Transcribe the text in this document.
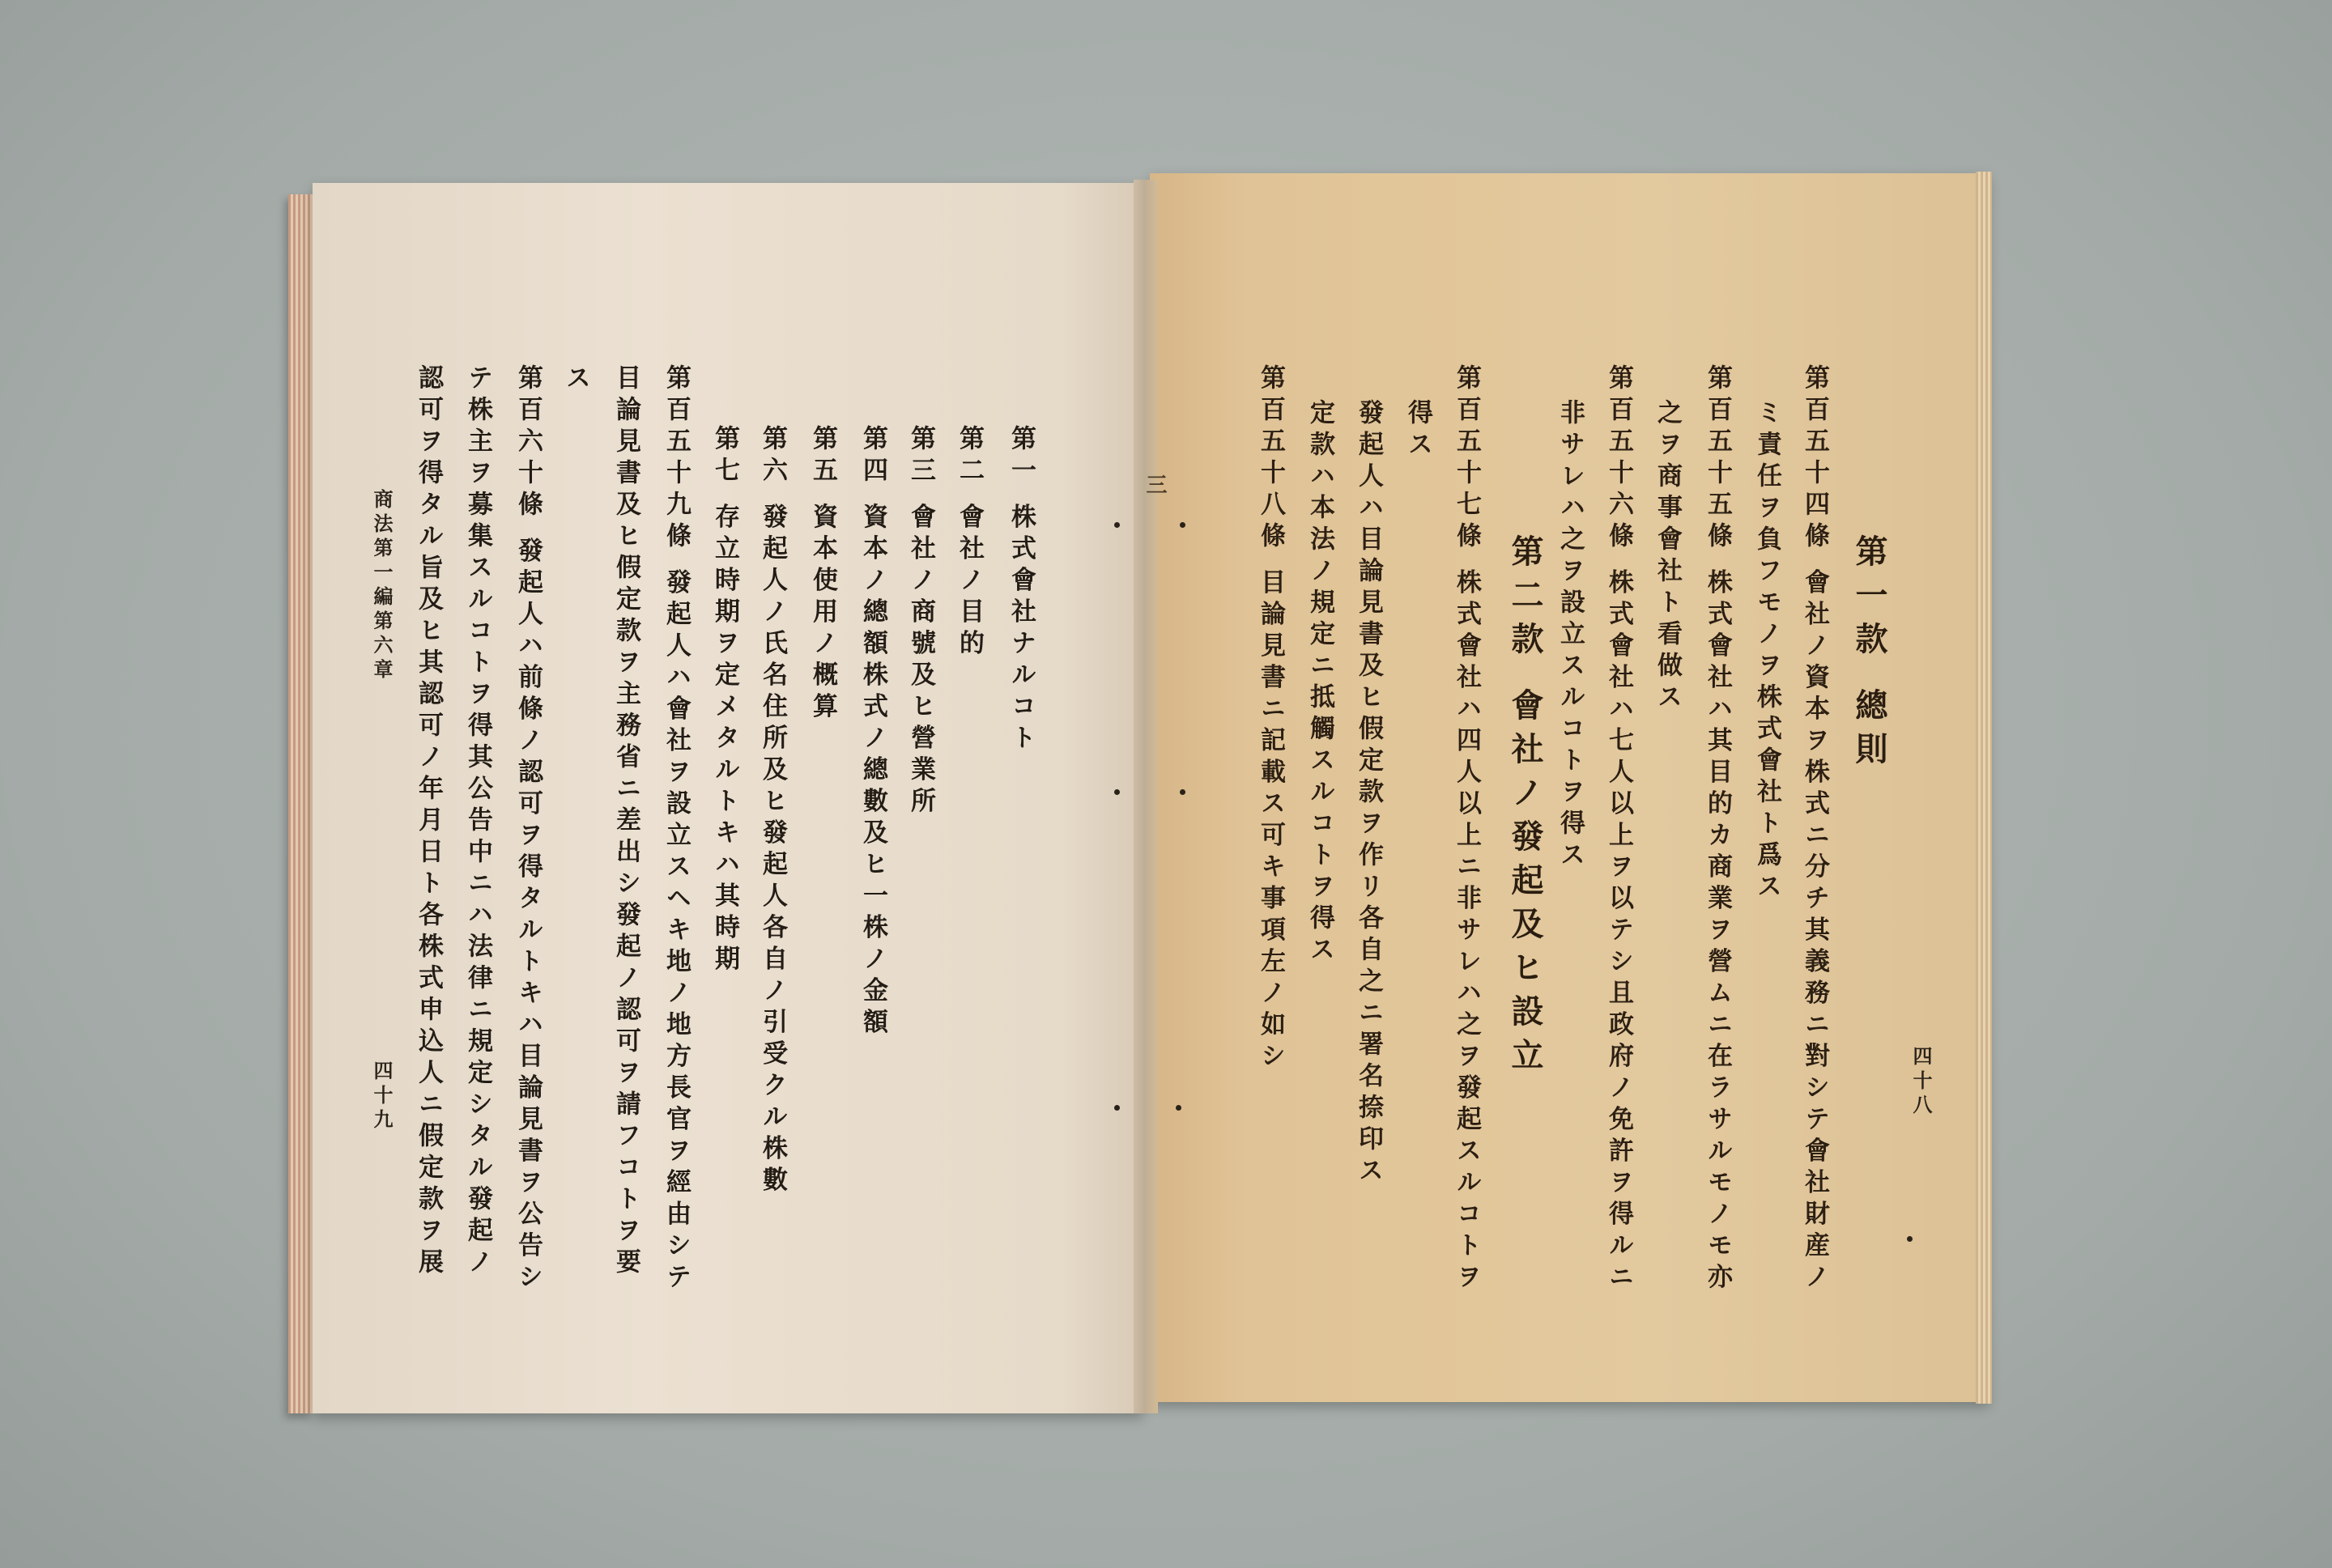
三
第一 株式會社ナルコト
第二 會社ノ目的
第三 會社ノ商號及ヒ營業所
第四 資本ノ總額株式ノ總數及ヒ一株ノ金額
第五 資本使用ノ概算
第六 發起人ノ氏名住所及ヒ發起人各自ノ引受クル株數
第七 存立時期ヲ定メタルトキハ其時期
第百五十九條 發起人ハ會社ヲ設立スヘキ地ノ地方長官ヲ經由シテ
目論見書及ヒ假定款ヲ主務省ニ差出シ發起ノ認可ヲ請フコトヲ要
ス
第百六十條 發起人ハ前條ノ認可ヲ得タルトキハ目論見書ヲ公告シ
テ株主ヲ募集スルコトヲ得其公告中ニハ法律ニ規定シタル發起ノ
認可ヲ得タル旨及ヒ其認可ノ年月日ト各株式申込人ニ假定款ヲ展
商法第一編第六章
四十九	四十八
第一款 總則
第百五十四條 會社ノ資本ヲ株式ニ分チ其義務ニ對シテ會社財産ノ
ミ責任ヲ負フモノヲ株式會社ト爲ス
第百五十五條 株式會社ハ其目的カ商業ヲ營ムニ在ラサルモノモ亦
之ヲ商事會社ト看做ス
第百五十六條 株式會社ハ七人以上ヲ以テシ且政府ノ免許ヲ得ルニ
非サレハ之ヲ設立スルコトヲ得ス
第二款 會社ノ發起及ヒ設立
第百五十七條 株式會社ハ四人以上ニ非サレハ之ヲ發起スルコトヲ
得ス
發起人ハ目論見書及ヒ假定款ヲ作リ各自之ニ署名捺印ス
定款ハ本法ノ規定ニ抵觸スルコトヲ得ス
第百五十八條 目論見書ニ記載ス可キ事項左ノ如シ
